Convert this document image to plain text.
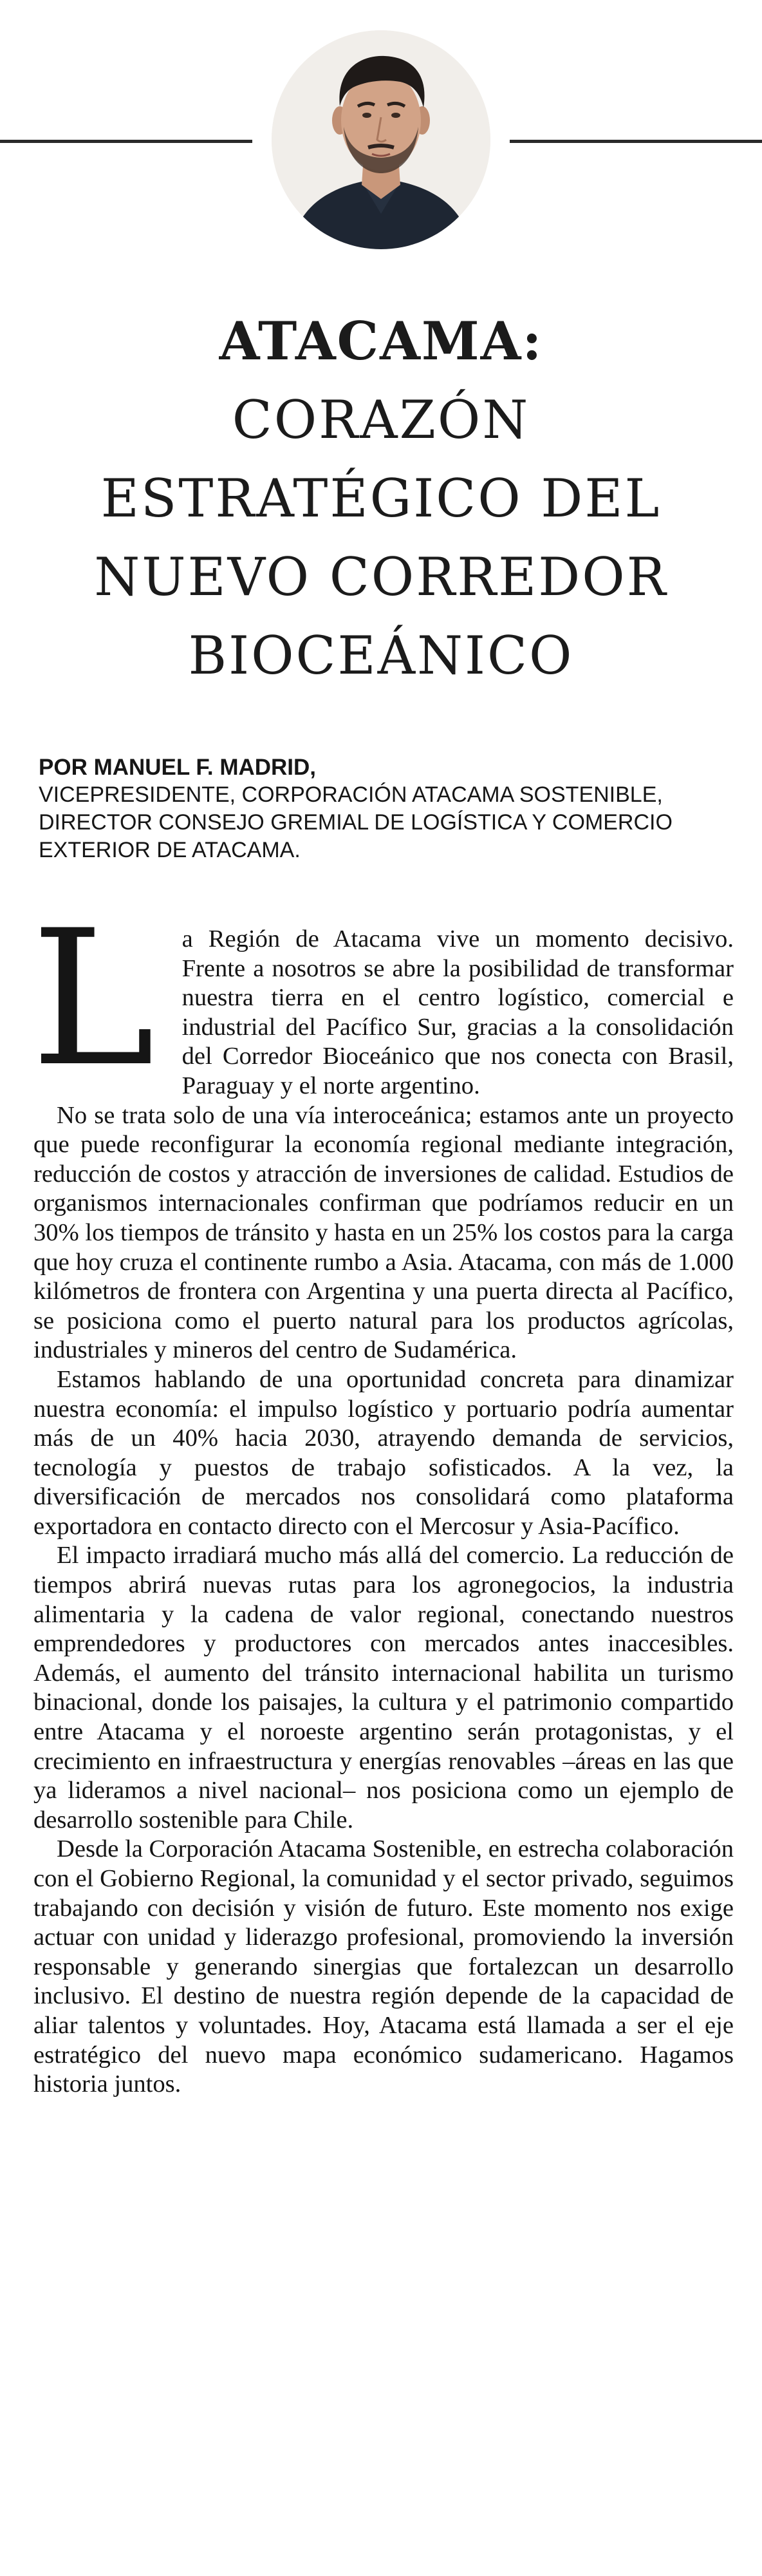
ATACAMA:
CORAZÓN
ESTRATÉGICO DEL
NUEVO CORREDOR
BIOCEÁNICO
POR MANUEL F. MADRID,
VICEPRESIDENTE, CORPORACIÓN ATACAMA SOSTENIBLE, DIRECTOR CONSEJO GREMIAL DE LOGÍSTICA Y COMERCIO EXTERIOR DE ATACAMA.

L a Región de Atacama vive un momento decisivo. Frente a nosotros se abre la posibilidad de transformar nuestra tierra en el centro logístico, comercial e industrial del Pacífico Sur, gracias a la consolidación del Corredor Bioceánico que nos conecta con Brasil, Paraguay y el norte argentino.

No se trata solo de una vía interoceánica; estamos ante un proyecto que puede reconfigurar la economía regional mediante integración, reducción de costos y atracción de inversiones de calidad. Estudios de organismos internacionales confirman que podríamos reducir en un 30% los tiempos de tránsito y hasta en un 25% los costos para la carga que hoy cruza el continente rumbo a Asia. Atacama, con más de 1.000 kilómetros de frontera con Argentina y una puerta directa al Pacífico, se posiciona como el puerto natural para los productos agrícolas, industriales y mineros del centro de Sudamérica.

Estamos hablando de una oportunidad concreta para dinamizar nuestra economía: el impulso logístico y portuario podría aumentar más de un 40% hacia 2030, atrayendo demanda de servicios, tecnología y puestos de trabajo sofisticados. A la vez, la diversificación de mercados nos consolidará como plataforma exportadora en contacto directo con el Mercosur y Asia-Pacífico.

El impacto irradiará mucho más allá del comercio. La reducción de tiempos abrirá nuevas rutas para los agronegocios, la industria alimentaria y la cadena de valor regional, conectando nuestros emprendedores y productores con mercados antes inaccesibles. Además, el aumento del tránsito internacional habilita un turismo binacional, donde los paisajes, la cultura y el patrimonio compartido entre Atacama y el noroeste argentino serán protagonistas, y el crecimiento en infraestructura y energías renovables –áreas en las que ya lideramos a nivel nacional– nos posiciona como un ejemplo de desarrollo sostenible para Chile.

Desde la Corporación Atacama Sostenible, en estrecha colaboración con el Gobierno Regional, la comunidad y el sector privado, seguimos trabajando con decisión y visión de futuro. Este momento nos exige actuar con unidad y liderazgo profesional, promoviendo la inversión responsable y generando sinergias que fortalezcan un desarrollo inclusivo. El destino de nuestra región depende de la capacidad de aliar talentos y voluntades. Hoy, Atacama está llamada a ser el eje estratégico del nuevo mapa económico sudamericano. Hagamos historia juntos.
